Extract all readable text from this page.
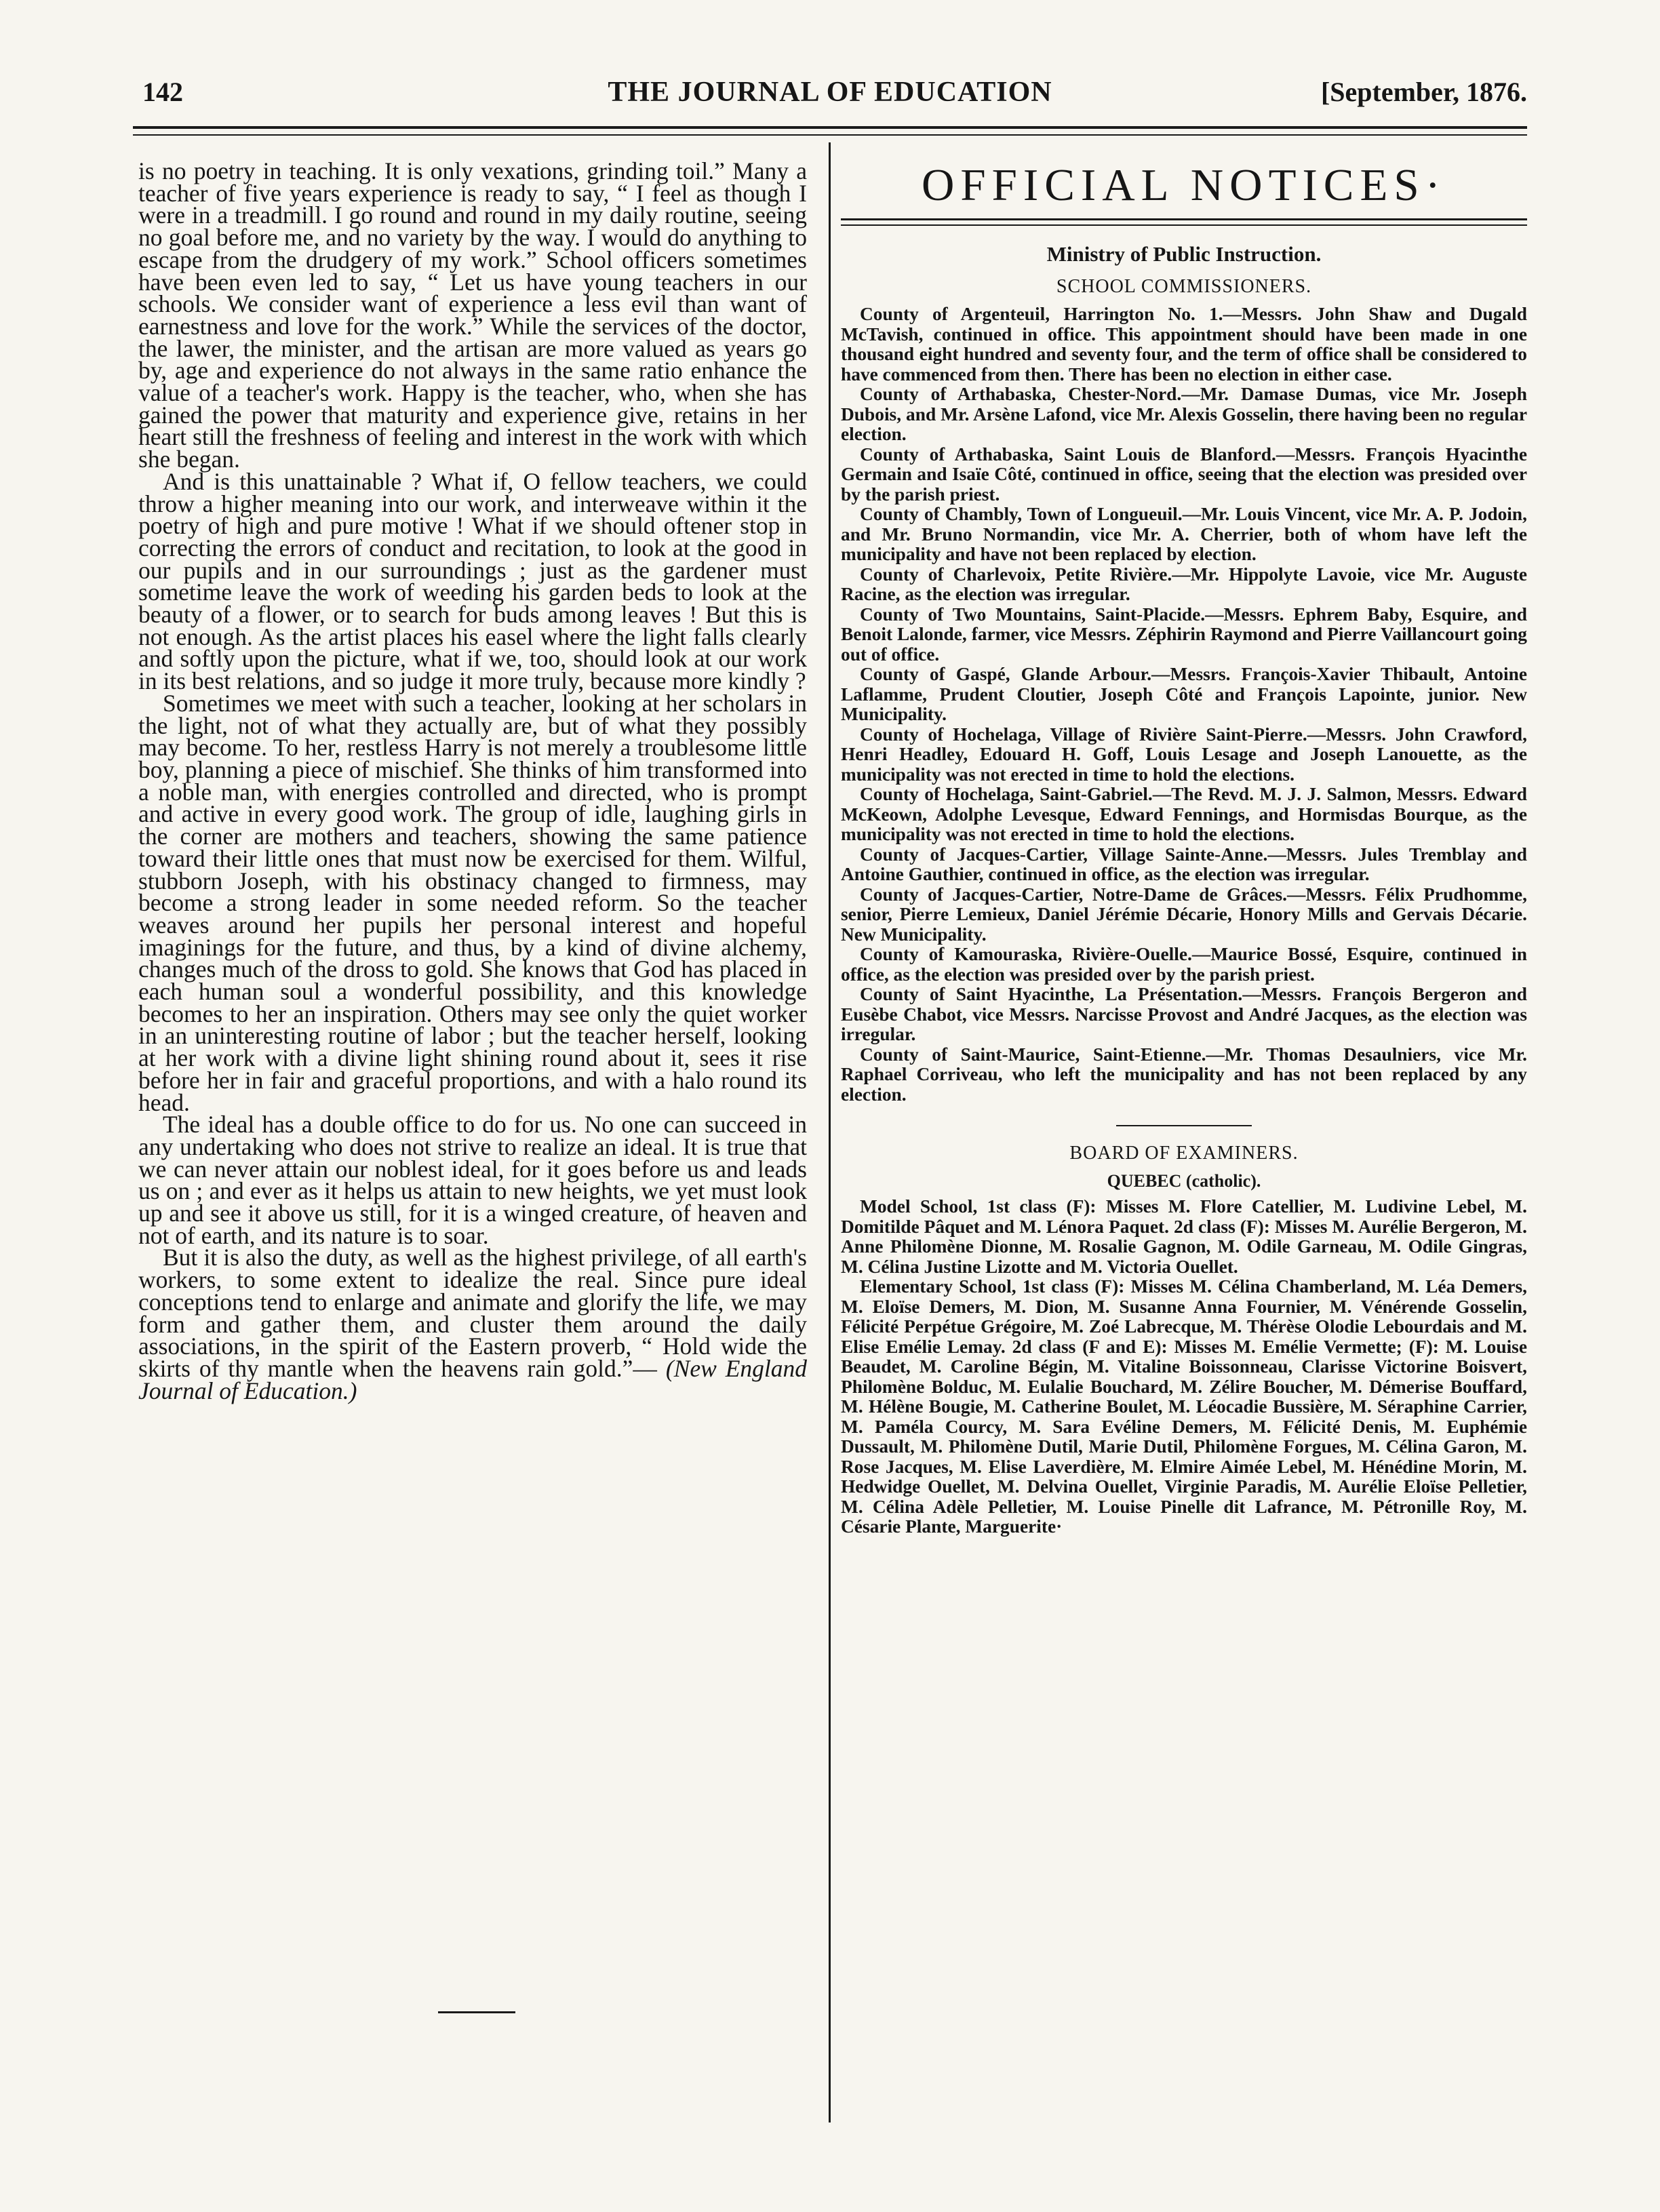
142	THE JOURNAL OF EDUCATION	[September, 1876.

is no poetry in teaching. It is only vexations, grinding toil.” Many a teacher of five years experience is ready to say, “ I feel as though I were in a treadmill. I go round and round in my daily routine, seeing no goal before me, and no variety by the way. I would do anything to escape from the drudgery of my work.” School officers sometimes have been even led to say, “ Let us have young teachers in our schools. We consider want of experience a less evil than want of earnestness and love for the work.” While the services of the doctor, the lawer, the minister, and the artisan are more valued as years go by, age and experience do not always in the same ratio enhance the value of a teacher's work. Happy is the teacher, who, when she has gained the power that maturity and experience give, retains in her heart still the freshness of feeling and interest in the work with which she began.

And is this unattainable ? What if, O fellow teachers, we could throw a higher meaning into our work, and interweave within it the poetry of high and pure motive ! What if we should oftener stop in correcting the errors of conduct and recitation, to look at the good in our pupils and in our surroundings ; just as the gardener must sometime leave the work of weeding his garden beds to look at the beauty of a flower, or to search for buds among leaves ! But this is not enough. As the artist places his easel where the light falls clearly and softly upon the picture, what if we, too, should look at our work in its best relations, and so judge it more truly, because more kindly ?

Sometimes we meet with such a teacher, looking at her scholars in the light, not of what they actually are, but of what they possibly may become. To her, restless Harry is not merely a troublesome little boy, planning a piece of mischief. She thinks of him transformed into a noble man, with energies controlled and directed, who is prompt and active in every good work. The group of idle, laughing girls in the corner are mothers and teachers, showing the same patience toward their little ones that must now be exercised for them. Wilful, stubborn Joseph, with his obstinacy changed to firmness, may become a strong leader in some needed reform. So the teacher weaves around her pupils her personal interest and hopeful imaginings for the future, and thus, by a kind of divine alchemy, changes much of the dross to gold. She knows that God has placed in each human soul a wonderful possibility, and this knowledge becomes to her an inspiration. Others may see only the quiet worker in an uninteresting routine of labor ; but the teacher herself, looking at her work with a divine light shining round about it, sees it rise before her in fair and graceful proportions, and with a halo round its head.

The ideal has a double office to do for us. No one can succeed in any undertaking who does not strive to realize an ideal. It is true that we can never attain our noblest ideal, for it goes before us and leads us on ; and ever as it helps us attain to new heights, we yet must look up and see it above us still, for it is a winged creature, of heaven and not of earth, and its nature is to soar.

But it is also the duty, as well as the highest privilege, of all earth's workers, to some extent to idealize the real. Since pure ideal conceptions tend to enlarge and animate and glorify the life, we may form and gather them, and cluster them around the daily associations, in the spirit of the Eastern proverb, “ Hold wide the skirts of thy mantle when the heavens rain gold.”— (New England Journal of Education.)

OFFICIAL NOTICES·
Ministry of Public Instruction.
SCHOOL COMMISSIONERS.

County of Argenteuil, Harrington No. 1.—Messrs. John Shaw and Dugald McTavish, continued in office. This appointment should have been made in one thousand eight hundred and seventy four, and the term of office shall be considered to have commenced from then. There has been no election in either case.

County of Arthabaska, Chester-Nord.—Mr. Damase Dumas, vice Mr. Joseph Dubois, and Mr. Arsène Lafond, vice Mr. Alexis Gosselin, there having been no regular election.

County of Arthabaska, Saint Louis de Blanford.—Messrs. François Hyacinthe Germain and Isaïe Côté, continued in office, seeing that the election was presided over by the parish priest.

County of Chambly, Town of Longueuil.—Mr. Louis Vincent, vice Mr. A. P. Jodoin, and Mr. Bruno Normandin, vice Mr. A. Cherrier, both of whom have left the municipality and have not been replaced by election.

County of Charlevoix, Petite Rivière.—Mr. Hippolyte Lavoie, vice Mr. Auguste Racine, as the election was irregular.

County of Two Mountains, Saint-Placide.—Messrs. Ephrem Baby, Esquire, and Benoit Lalonde, farmer, vice Messrs. Zéphirin Raymond and Pierre Vaillancourt going out of office.

County of Gaspé, Glande Arbour.—Messrs. François-Xavier Thibault, Antoine Laflamme, Prudent Cloutier, Joseph Côté and François Lapointe, junior. New Municipality.

County of Hochelaga, Village of Rivière Saint-Pierre.—Messrs. John Crawford, Henri Headley, Edouard H. Goff, Louis Lesage and Joseph Lanouette, as the municipality was not erected in time to hold the elections.

County of Hochelaga, Saint-Gabriel.—The Revd. M. J. J. Salmon, Messrs. Edward McKeown, Adolphe Levesque, Edward Fennings, and Hormisdas Bourque, as the municipality was not erected in time to hold the elections.

County of Jacques-Cartier, Village Sainte-Anne.—Messrs. Jules Tremblay and Antoine Gauthier, continued in office, as the election was irregular.

County of Jacques-Cartier, Notre-Dame de Grâces.—Messrs. Félix Prudhomme, senior, Pierre Lemieux, Daniel Jérémie Décarie, Honory Mills and Gervais Décarie. New Municipality.

County of Kamouraska, Rivière-Ouelle.—Maurice Bossé, Esquire, continued in office, as the election was presided over by the parish priest.

County of Saint Hyacinthe, La Présentation.—Messrs. François Bergeron and Eusèbe Chabot, vice Messrs. Narcisse Provost and André Jacques, as the election was irregular.

County of Saint-Maurice, Saint-Etienne.—Mr. Thomas Desaulniers, vice Mr. Raphael Corriveau, who left the municipality and has not been replaced by any election.

BOARD OF EXAMINERS.
QUEBEC (catholic).

Model School, 1st class (F): Misses M. Flore Catellier, M. Ludivine Lebel, M. Domitilde Pâquet and M. Lénora Paquet. 2d class (F): Misses M. Aurélie Bergeron, M. Anne Philomène Dionne, M. Rosalie Gagnon, M. Odile Garneau, M. Odile Gingras, M. Célina Justine Lizotte and M. Victoria Ouellet.

Elementary School, 1st class (F): Misses M. Célina Chamberland, M. Léa Demers, M. Eloïse Demers, M. Dion, M. Susanne Anna Fournier, M. Vénérende Gosselin, Félicité Perpétue Grégoire, M. Zoé Labrecque, M. Thérèse Olodie Lebourdais and M. Elise Emélie Lemay. 2d class (F and E): Misses M. Emélie Vermette; (F): M. Louise Beaudet, M. Caroline Bégin, M. Vitaline Boissonneau, Clarisse Victorine Boisvert, Philomène Bolduc, M. Eulalie Bouchard, M. Zélire Boucher, M. Démerise Bouffard, M. Hélène Bougie, M. Catherine Boulet, M. Léocadie Bussière, M. Séraphine Carrier, M. Paméla Courcy, M. Sara Evéline Demers, M. Félicité Denis, M. Euphémie Dussault, M. Philomène Dutil, Marie Dutil, Philomène Forgues, M. Célina Garon, M. Rose Jacques, M. Elise Laverdière, M. Elmire Aimée Lebel, M. Hénédine Morin, M. Hedwidge Ouellet, M. Delvina Ouellet, Virginie Paradis, M. Aurélie Eloïse Pelletier, M. Célina Adèle Pelletier, M. Louise Pinelle dit Lafrance, M. Pétronille Roy, M. Césarie Plante, Marguerite·
